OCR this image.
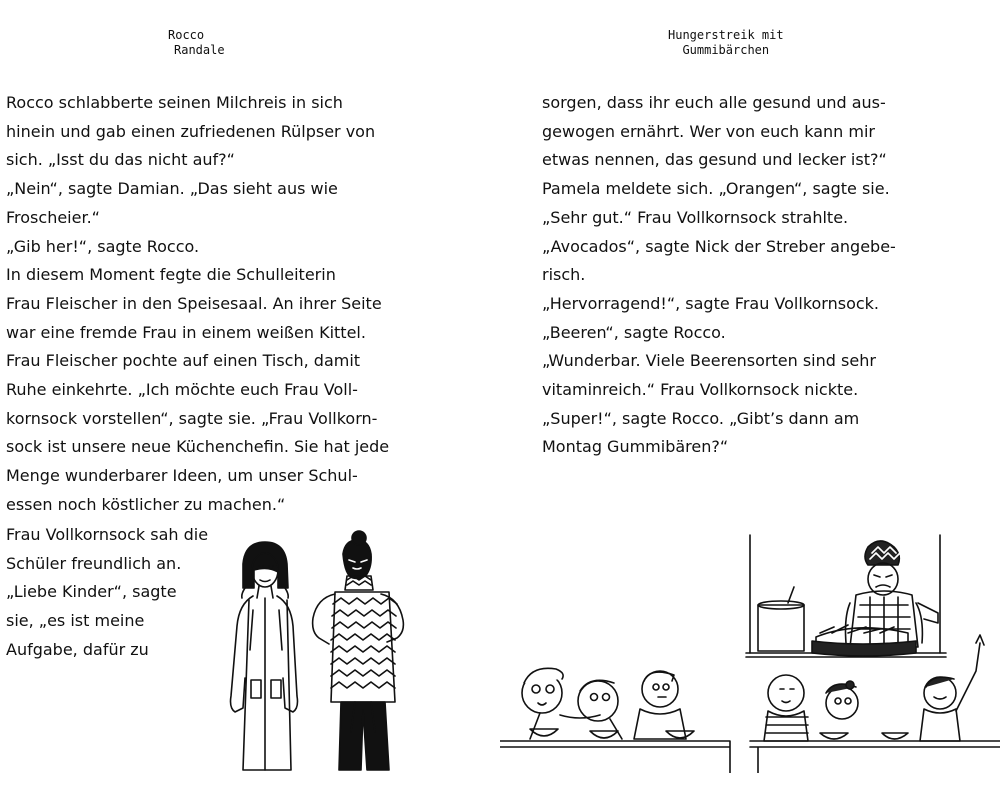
Rocco
Randale

Rocco schlabberte seinen Milchreis in sich
hinein und gab einen zufriedenen Rülpser von
sich. „Isst du das nicht auf?“
„Nein“, sagte Damian. „Das sieht aus wie
Froscheier.“
„Gib her!“, sagte Rocco.
In diesem Moment fegte die Schulleiterin
Frau Fleischer in den Speisesaal. An ihrer Seite
war eine fremde Frau in einem weißen Kittel.
Frau Fleischer pochte auf einen Tisch, damit
Ruhe einkehrte. „Ich möchte euch Frau Voll-
kornsock vorstellen“, sagte sie. „Frau Vollkorn-
sock ist unsere neue Küchenchefin. Sie hat jede
Menge wunderbarer Ideen, um unser Schul-
essen noch köstlicher zu machen.“

Frau Vollkornsock sah die
Schüler freundlich an.
„Liebe Kinder“, sagte
sie, „es ist meine
Aufgabe, dafür zu

Hungerstreik mit
Gummibärchen

sorgen, dass ihr euch alle gesund und aus-
gewogen ernährt. Wer von euch kann mir
etwas nennen, das gesund und lecker ist?“
Pamela meldete sich. „Orangen“, sagte sie.
„Sehr gut.“ Frau Vollkornsock strahlte.
„Avocados“, sagte Nick der Streber angebe-
risch.
„Hervorragend!“, sagte Frau Vollkornsock.
„Beeren“, sagte Rocco.
„Wunderbar. Viele Beerensorten sind sehr
vitaminreich.“ Frau Vollkornsock nickte.
„Super!“, sagte Rocco. „Gibt’s dann am
Montag Gummibären?“
